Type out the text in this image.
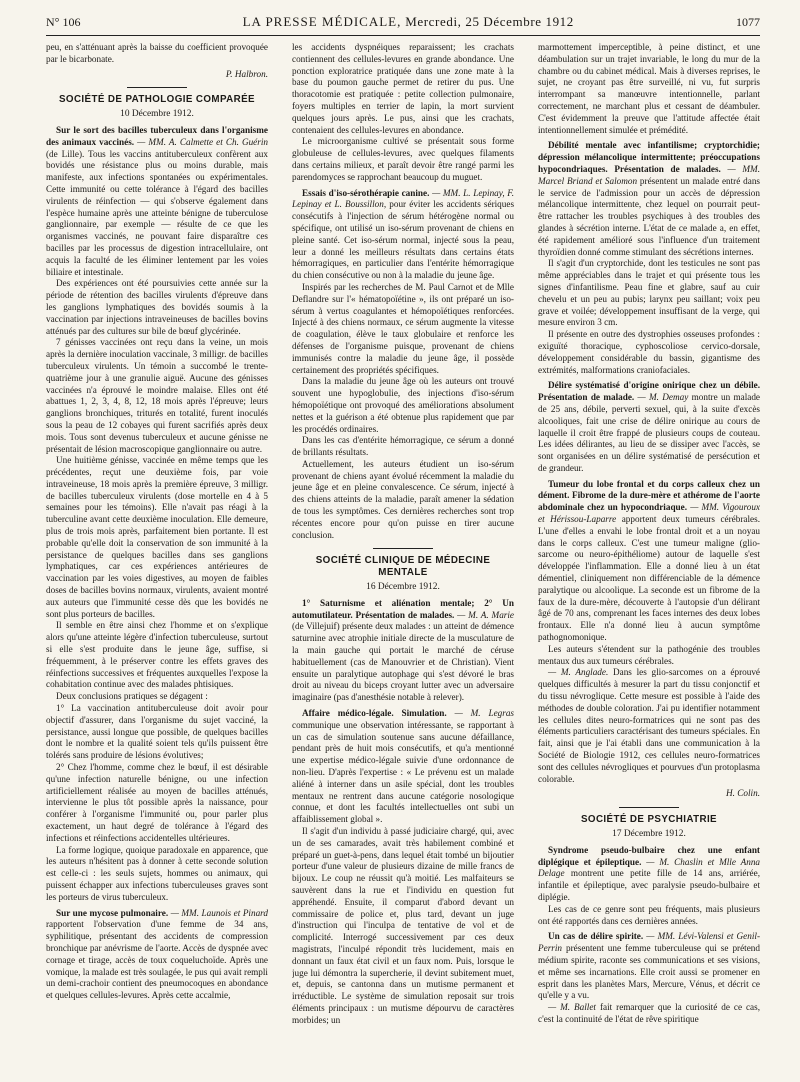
N° 106	LA PRESSE MÉDICALE, Mercredi, 25 Décembre 1912	1077

peu, en s'atténuant après la baisse du coefficient provoquée par le bicarbonate.

P. Halbron.

SOCIÉTÉ DE PATHOLOGIE COMPARÉE
10 Décembre 1912.

Sur le sort des bacilles tuberculeux dans l'organisme des animaux vaccinés. — MM. A. Calmette et Ch. Guérin (de Lille). Tous les vaccins antituberculeux confèrent aux bovidés une résistance plus ou moins durable, mais manifeste, aux infections spontanées ou expérimentales. Cette immunité ou cette tolérance à l'égard des bacilles virulents de réinfection — qui s'observe également dans l'espèce humaine après une atteinte bénigne de tuberculose ganglionnaire, par exemple — résulte de ce que les organismes vaccinés, ne pouvant faire disparaître ces bacilles par les processus de digestion intracellulaire, ont acquis la faculté de les éliminer lentement par les voies biliaire et intestinale.

Des expériences ont été poursuivies cette année sur la période de rétention des bacilles virulents d'épreuve dans les ganglions lymphatiques des bovidés soumis à la vaccination par injections intraveineuses de bacilles bovins atténués par des cultures sur bile de bœuf glycérinée.

7 génisses vaccinées ont reçu dans la veine, un mois après la dernière inoculation vaccinale, 3 milligr. de bacilles tuberculeux virulents. Un témoin a succombé le trente-quatrième jour à une granulie aiguë. Aucune des génisses vaccinées n'a éprouvé le moindre malaise. Elles ont été abattues 1, 2, 3, 4, 8, 12, 18 mois après l'épreuve; leurs ganglions bronchiques, triturés en totalité, furent inoculés sous la peau de 12 cobayes qui furent sacrifiés après deux mois. Tous sont devenus tuberculeux et aucune génisse ne présentait de lésion macroscopique ganglionnaire ou autre.

Une huitième génisse, vaccinée en même temps que les précédentes, reçut une deuxième fois, par voie intraveineuse, 18 mois après la première épreuve, 3 milligr. de bacilles tuberculeux virulents (dose mortelle en 4 à 5 semaines pour les témoins). Elle n'avait pas réagi à la tuberculine avant cette deuxième inoculation. Elle demeure, plus de trois mois après, parfaitement bien portante. Il est probable qu'elle doit la conservation de son immunité à la persistance de quelques bacilles dans ses ganglions lymphatiques, car ces expériences antérieures de vaccination par les voies digestives, au moyen de faibles doses de bacilles bovins normaux, virulents, avaient montré aux auteurs que l'immunité cesse dès que les bovidés ne sont plus porteurs de bacilles.

Il semble en être ainsi chez l'homme et on s'explique alors qu'une atteinte légère d'infection tuberculeuse, surtout si elle s'est produite dans le jeune âge, suffise, si fréquemment, à le préserver contre les effets graves des réinfections successives et fréquentes auxquelles l'expose la cohabitation continue avec des malades phtisiques.

Deux conclusions pratiques se dégagent :

1° La vaccination antituberculeuse doit avoir pour objectif d'assurer, dans l'organisme du sujet vacciné, la persistance, aussi longue que possible, de quelques bacilles dont le nombre et la qualité soient tels qu'ils puissent être tolérés sans produire de lésions évolutives;

2° Chez l'homme, comme chez le bœuf, il est désirable qu'une infection naturelle bénigne, ou une infection artificiellement réalisée au moyen de bacilles atténués, intervienne le plus tôt possible après la naissance, pour conférer à l'organisme l'immunité ou, pour parler plus exactement, un haut degré de tolérance à l'égard des infections et réinfections accidentelles ultérieures.

La forme logique, quoique paradoxale en apparence, que les auteurs n'hésitent pas à donner à cette seconde solution est celle-ci : les seuls sujets, hommes ou animaux, qui puissent échapper aux infections tuberculeuses graves sont les porteurs de virus tuberculeux.

Sur une mycose pulmonaire. — MM. Launois et Pinard rapportent l'observation d'une femme de 34 ans, syphilitique, présentant des accidents de compression bronchique par anévrisme de l'aorte. Accès de dyspnée avec cornage et tirage, accès de toux coqueluchoïde. Après une vomique, la malade est très soulagée, le pus qui avait rempli un demi-crachoir contient des pneumocoques en abondance et quelques cellules-levures. Après cette accalmie,

les accidents dyspnéiques reparaissent; les crachats contiennent des cellules-levures en grande abondance. Une ponction exploratrice pratiquée dans une zone mate à la base du poumon gauche permet de retirer du pus. Une thoracotomie est pratiquée : petite collection pulmonaire, foyers multiples en terrier de lapin, la mort survient quelques jours après. Le pus, ainsi que les crachats, contenaient des cellules-levures en abondance.

Le microorganisme cultivé se présentait sous forme globuleuse de cellules-levures, avec quelques filaments dans certains milieux, et paraît devoir être rangé parmi les parendomyces se rapprochant beaucoup du muguet.

Essais d'iso-sérothérapie canine. — MM. L. Lepinay, F. Lepinay et L. Boussillon, pour éviter les accidents sériques consécutifs à l'injection de sérum hétérogène normal ou spécifique, ont utilisé un iso-sérum provenant de chiens en pleine santé. Cet iso-sérum normal, injecté sous la peau, leur a donné les meilleurs résultats dans certains états hémorragiques, en particulier dans l'entérite hémorragique du chien consécutive ou non à la maladie du jeune âge.

Inspirés par les recherches de M. Paul Carnot et de Mlle Deflandre sur l'« hématopoïétine », ils ont préparé un iso-sérum à vertus coagulantes et hémopoïétiques renforcées. Injecté à des chiens normaux, ce sérum augmente la vitesse de coagulation, élève le taux globulaire et renforce les défenses de l'organisme puisque, provenant de chiens immunisés contre la maladie du jeune âge, il possède certainement des propriétés spécifiques.

Dans la maladie du jeune âge où les auteurs ont trouvé souvent une hypoglobulie, des injections d'iso-sérum hémopoïétique ont provoqué des améliorations absolument nettes et la guérison a été obtenue plus rapidement que par les procédés ordinaires.

Dans les cas d'entérite hémorragique, ce sérum a donné de brillants résultats.

Actuellement, les auteurs étudient un iso-sérum provenant de chiens ayant évolué récemment la maladie du jeune âge et en pleine convalescence. Ce sérum, injecté à des chiens atteints de la maladie, paraît amener la sédation de tous les symptômes. Ces dernières recherches sont trop récentes encore pour qu'on puisse en tirer aucune conclusion.

SOCIÉTÉ CLINIQUE DE MÉDECINE MENTALE
16 Décembre 1912.

1° Saturnisme et aliénation mentale; 2° Un automutilateur. Présentation de malades. — M. A. Marie (de Villejuif) présente deux malades : un atteint de démence saturnine avec atrophie initiale directe de la musculature de la main gauche qui portait le marché de céruse habituellement (cas de Manouvrier et de Christian). Vient ensuite un paralytique autophage qui s'est dévoré le bras droit au niveau du biceps croyant lutter avec un adversaire imaginaire (pas d'anesthésie notable à relever).

Affaire médico-légale. Simulation. — M. Legras communique une observation intéressante, se rapportant à un cas de simulation soutenue sans aucune défaillance, pendant près de huit mois consécutifs, et qu'a mentionné une expertise médico-légale suivie d'une ordonnance de non-lieu. D'après l'expertise : « Le prévenu est un malade aliéné à interner dans un asile spécial, dont les troubles mentaux ne rentrent dans aucune catégorie nosologique connue, et dont les facultés intellectuelles ont subi un affaiblissement global ».

Il s'agit d'un individu à passé judiciaire chargé, qui, avec un de ses camarades, avait très habilement combiné et préparé un guet-à-pens, dans lequel était tombé un bijoutier porteur d'une valeur de plusieurs dizaine de mille francs de bijoux. Le coup ne réussit qu'à moitié. Les malfaiteurs se sauvèrent dans la rue et l'individu en question fut appréhendé. Ensuite, il comparut d'abord devant un commissaire de police et, plus tard, devant un juge d'instruction qui l'inculpa de tentative de vol et de complicité. Interrogé successivement par ces deux magistrats, l'inculpé répondit très lucidement, mais en donnant un faux état civil et un faux nom. Puis, lorsque le juge lui démontra la supercherie, il devint subitement muet, et, depuis, se cantonna dans un mutisme permanent et irréductible. Le système de simulation reposait sur trois éléments principaux : un mutisme dépourvu de caractères morbides; un

marmottement imperceptible, à peine distinct, et une déambulation sur un trajet invariable, le long du mur de la chambre ou du cabinet médical. Mais à diverses reprises, le sujet, ne croyant pas être surveillé, ni vu, fut surpris interrompant sa manœuvre intentionnelle, parlant correctement, ne marchant plus et cessant de déambuler. C'est évidemment la preuve que l'attitude affectée était intentionnellement simulée et prémédité.

Débilité mentale avec infantilisme; cryptorchidie; dépression mélancolique intermittente; préoccupations hypocondriaques. Présentation de malades. — MM. Marcel Briand et Salomon présentent un malade entré dans le service de l'admission pour un accès de dépression mélancolique intermittente, chez lequel on pourrait peut-être rattacher les troubles psychiques à des troubles des glandes à sécrétion interne. L'état de ce malade a, en effet, été rapidement amélioré sous l'influence d'un traitement thyroïdien donné comme stimulant des sécrétions internes.

Il s'agit d'un cryptorchide, dont les testicules ne sont pas même appréciables dans le trajet et qui présente tous les signes d'infantilisme. Peau fine et glabre, sauf au cuir chevelu et un peu au pubis; larynx peu saillant; voix peu grave et voilée; développement insuffisant de la verge, qui mesure environ 3 cm.

Il présente en outre des dystrophies osseuses profondes : exiguïté thoracique, cyphoscoliose cervico-dorsale, développement considérable du bassin, gigantisme des extrémités, malformations craniofaciales.

Délire systématisé d'origine onirique chez un débile. Présentation de malade. — M. Demay montre un malade de 25 ans, débile, perverti sexuel, qui, à la suite d'excès alcooliques, fait une crise de délire onirique au cours de laquelle il croit être frappé de plusieurs coups de couteau. Les idées délirantes, au lieu de se dissiper avec l'accès, se sont organisées en un délire systématisé de persécution et de grandeur.

Tumeur du lobe frontal et du corps calleux chez un dément. Fibrome de la dure-mère et athérome de l'aorte abdominale chez un hypocondriaque. — MM. Vigouroux et Hérissou-Laparre apportent deux tumeurs cérébrales. L'une d'elles a envahi le lobe frontal droit et a un noyau dans le corps calleux. C'est une tumeur maligne (glio-sarcome ou neuro-épithéliome) autour de laquelle s'est développée l'inflammation. Elle a donné lieu à un état démentiel, cliniquement non différenciable de la démence paralytique ou alcoolique. La seconde est un fibrome de la faux de la dure-mère, découverte à l'autopsie d'un délirant âgé de 70 ans, comprenant les faces internes des deux lobes frontaux. Elle n'a donné lieu à aucun symptôme pathognomonique.

Les auteurs s'étendent sur la pathogénie des troubles mentaux dus aux tumeurs cérébrales.

— M. Anglade. Dans les glio-sarcomes on a éprouvé quelques difficultés à mesurer la part du tissu conjonctif et du tissu névroglique. Cette mesure est possible à l'aide des méthodes de double coloration. J'ai pu identifier notamment les cellules dites neuro-formatrices qui ne sont pas des éléments particuliers caractérisant des tumeurs spéciales. En fait, ainsi que je l'ai établi dans une communication à la Société de Biologie 1912, ces cellules neuro-formatrices sont des cellules névrogliques et pourvues d'un protoplasma colorable.

H. Colin.

SOCIÉTÉ DE PSYCHIATRIE
17 Décembre 1912.

Syndrome pseudo-bulbaire chez une enfant diplégique et épileptique. — M. Chaslin et Mlle Anna Delage montrent une petite fille de 14 ans, arriérée, infantile et épileptique, avec paralysie pseudo-bulbaire et diplégie.

Les cas de ce genre sont peu fréquents, mais plusieurs ont été rapportés dans ces dernières années.

Un cas de délire spirite. — MM. Lévi-Valensi et Genil-Perrin présentent une femme tuberculeuse qui se prétend médium spirite, raconte ses communications et ses visions, et même ses incarnations. Elle croit aussi se promener en esprit dans les planètes Mars, Mercure, Vénus, et décrit ce qu'elle y a vu.

— M. Ballet fait remarquer que la curiosité de ce cas, c'est la continuité de l'état de rêve spiritique
